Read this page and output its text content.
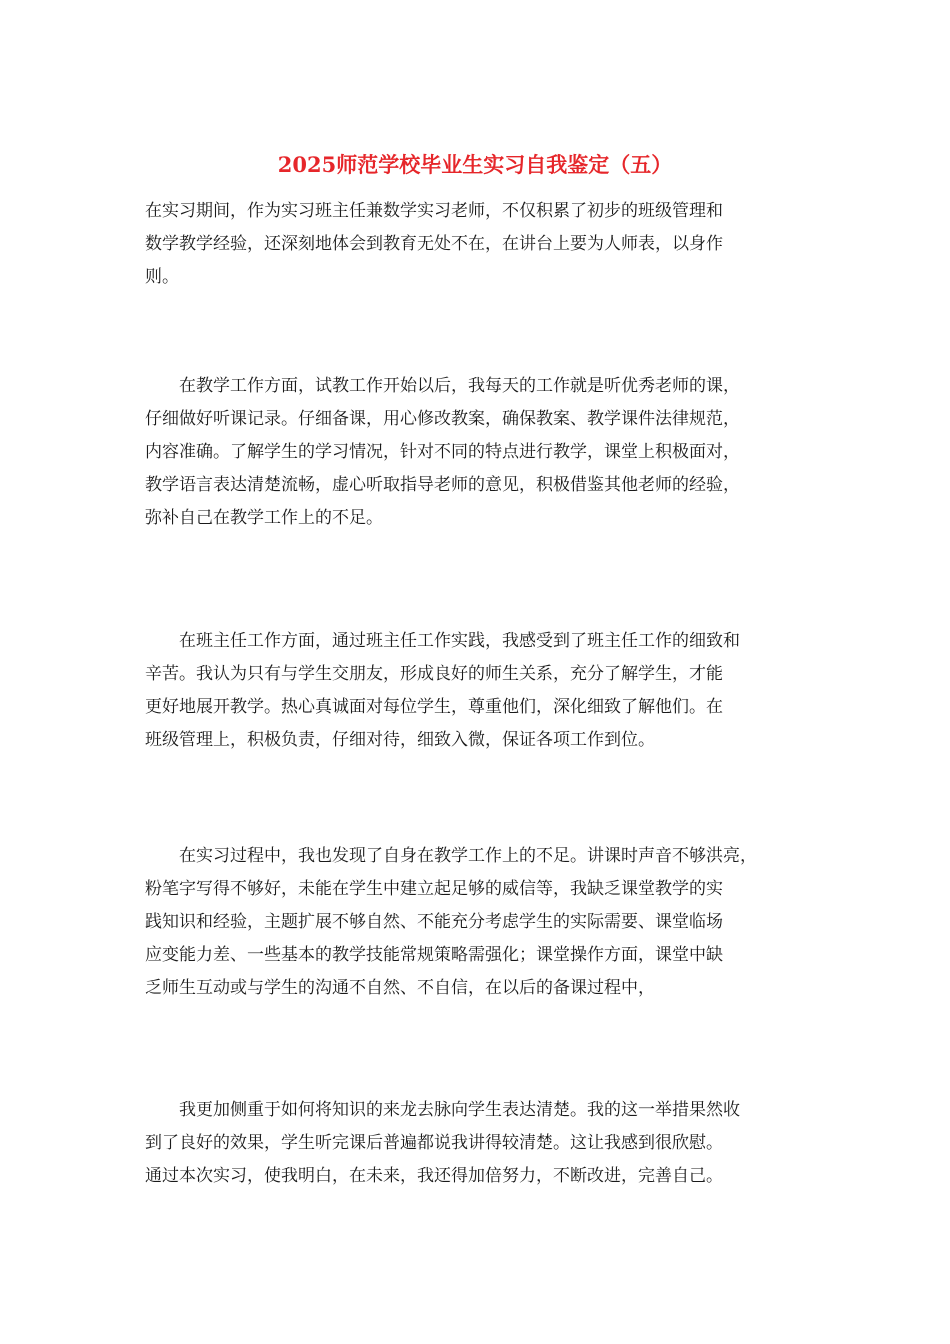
2025师范学校毕业生实习自我鉴定（五）
在实习期间，作为实习班主任兼数学实习老师，不仅积累了初步的班级管理和
数学教学经验，还深刻地体会到教育无处不在，在讲台上要为人师表，以身作
则。
　　在教学工作方面，试教工作开始以后，我每天的工作就是听优秀老师的课，
仔细做好听课记录。仔细备课，用心修改教案，确保教案、教学课件法律规范，
内容准确。了解学生的学习情况，针对不同的特点进行教学，课堂上积极面对，
教学语言表达清楚流畅，虚心听取指导老师的意见，积极借鉴其他老师的经验，
弥补自己在教学工作上的不足。
　　在班主任工作方面，通过班主任工作实践，我感受到了班主任工作的细致和
辛苦。我认为只有与学生交朋友，形成良好的师生关系，充分了解学生，才能
更好地展开教学。热心真诚面对每位学生，尊重他们，深化细致了解他们。在
班级管理上，积极负责，仔细对待，细致入微，保证各项工作到位。
　　在实习过程中，我也发现了自身在教学工作上的不足。讲课时声音不够洪亮，
粉笔字写得不够好，未能在学生中建立起足够的威信等，我缺乏课堂教学的实
践知识和经验，主题扩展不够自然、不能充分考虑学生的实际需要、课堂临场
应变能力差、一些基本的教学技能常规策略需强化；课堂操作方面，课堂中缺
乏师生互动或与学生的沟通不自然、不自信，在以后的备课过程中，
　　我更加侧重于如何将知识的来龙去脉向学生表达清楚。我的这一举措果然收
到了良好的效果，学生听完课后普遍都说我讲得较清楚。这让我感到很欣慰。
通过本次实习，使我明白，在未来，我还得加倍努力，不断改进，完善自己。
